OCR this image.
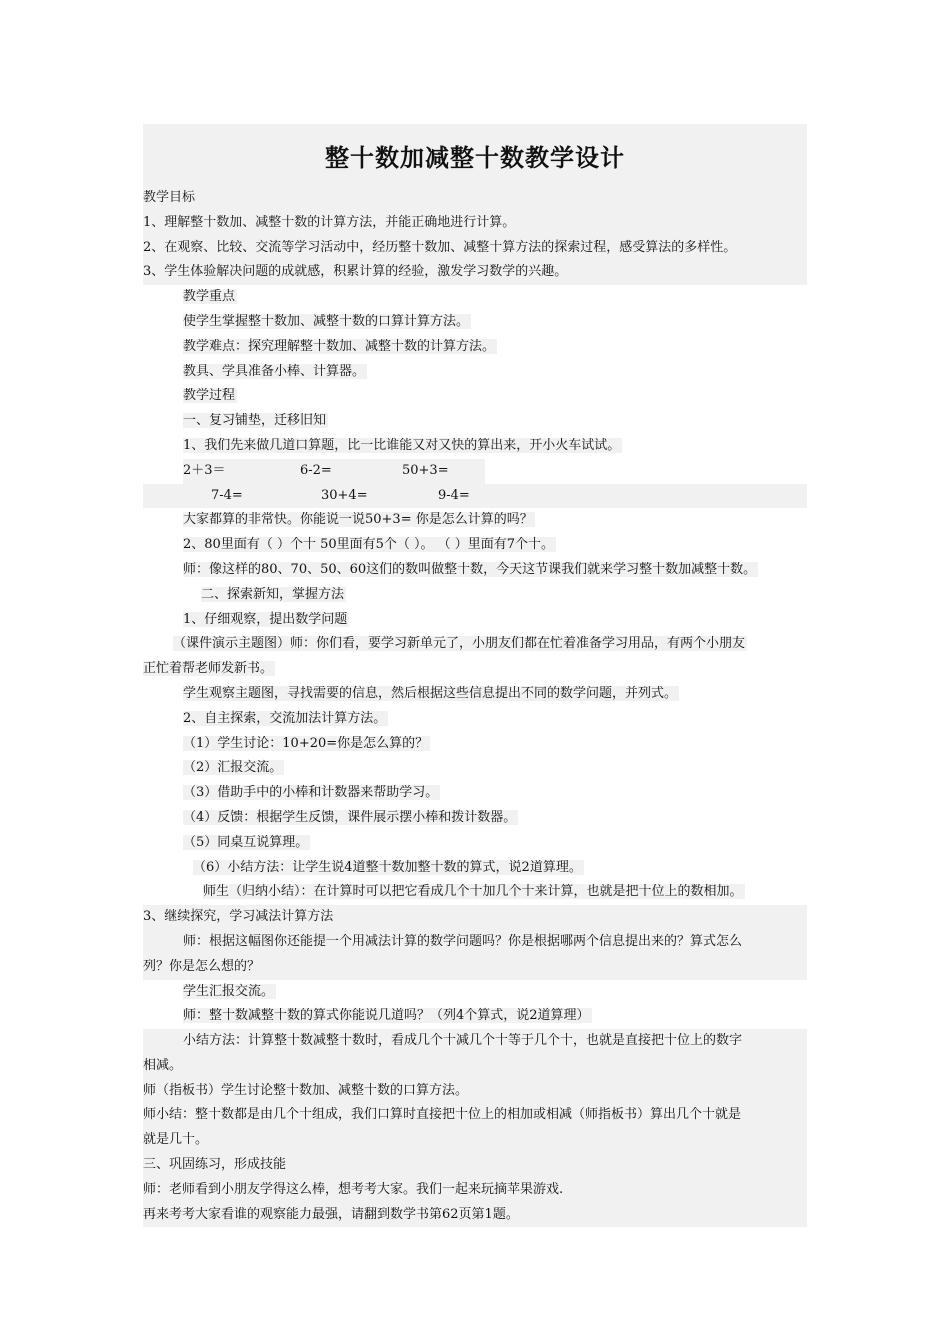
整十数加减整十数教学设计
教学目标
1、理解整十数加、减整十数的计算方法，并能正确地进行计算。
2、在观察、比较、交流等学习活动中，经历整十数加、减整十算方法的探索过程，感受算法的多样性。
3、学生体验解决问题的成就感，积累计算的经验，激发学习数学的兴趣。
教学重点
使学生掌握整十数加、减整十数的口算计算方法。
教学难点：探究理解整十数加、减整十数的计算方法。
教具、学具准备小棒、计算器。
教学过程
一、复习铺垫，迁移旧知
1、我们先来做几道口算题，比一比谁能又对又快的算出来，开小火车试试。
2＋3＝	6-2=	50+3=
7-4=	30+4=	9-4=
大家都算的非常快。你能说一说50+3= 你是怎么计算的吗？
2、80里面有（ ）个十 50里面有5个（ ）。 （ ）里面有7个十。
师：像这样的80、70、50、60这们的数叫做整十数，今天这节课我们就来学习整十数加减整十数。
二、探索新知，掌握方法
1、仔细观察，提出数学问题
（课件演示主题图）师：你们看，要学习新单元了，小朋友们都在忙着准备学习用品，有两个小朋友
正忙着帮老师发新书。
学生观察主题图，寻找需要的信息，然后根据这些信息提出不同的数学问题，并列式。
2、自主探索，交流加法计算方法。
（1）学生讨论：10+20=你是怎么算的？
（2）汇报交流。
（3）借助手中的小棒和计数器来帮助学习。
（4）反馈：根据学生反馈，课件展示摆小棒和拨计数器。
（5）同桌互说算理。
（6）小结方法：让学生说4道整十数加整十数的算式，说2道算理。
师生（归纳小结）：在计算时可以把它看成几个十加几个十来计算，也就是把十位上的数相加。
3、继续探究，学习减法计算方法
师：根据这幅图你还能提一个用减法计算的数学问题吗？你是根据哪两个信息提出来的？算式怎么
列？你是怎么想的？
学生汇报交流。
师：整十数减整十数的算式你能说几道吗？（列4个算式，说2道算理）
小结方法：计算整十数减整十数时，看成几个十减几个十等于几个十，也就是直接把十位上的数字
相减。
师（指板书）学生讨论整十数加、减整十数的口算方法。
师小结：整十数都是由几个十组成，我们口算时直接把十位上的相加或相减（师指板书）算出几个十就是
就是几十。
三、巩固练习，形成技能
师：老师看到小朋友学得这么棒，想考考大家。我们一起来玩摘苹果游戏.
再来考考大家看谁的观察能力最强，请翻到数学书第62页第1题。
